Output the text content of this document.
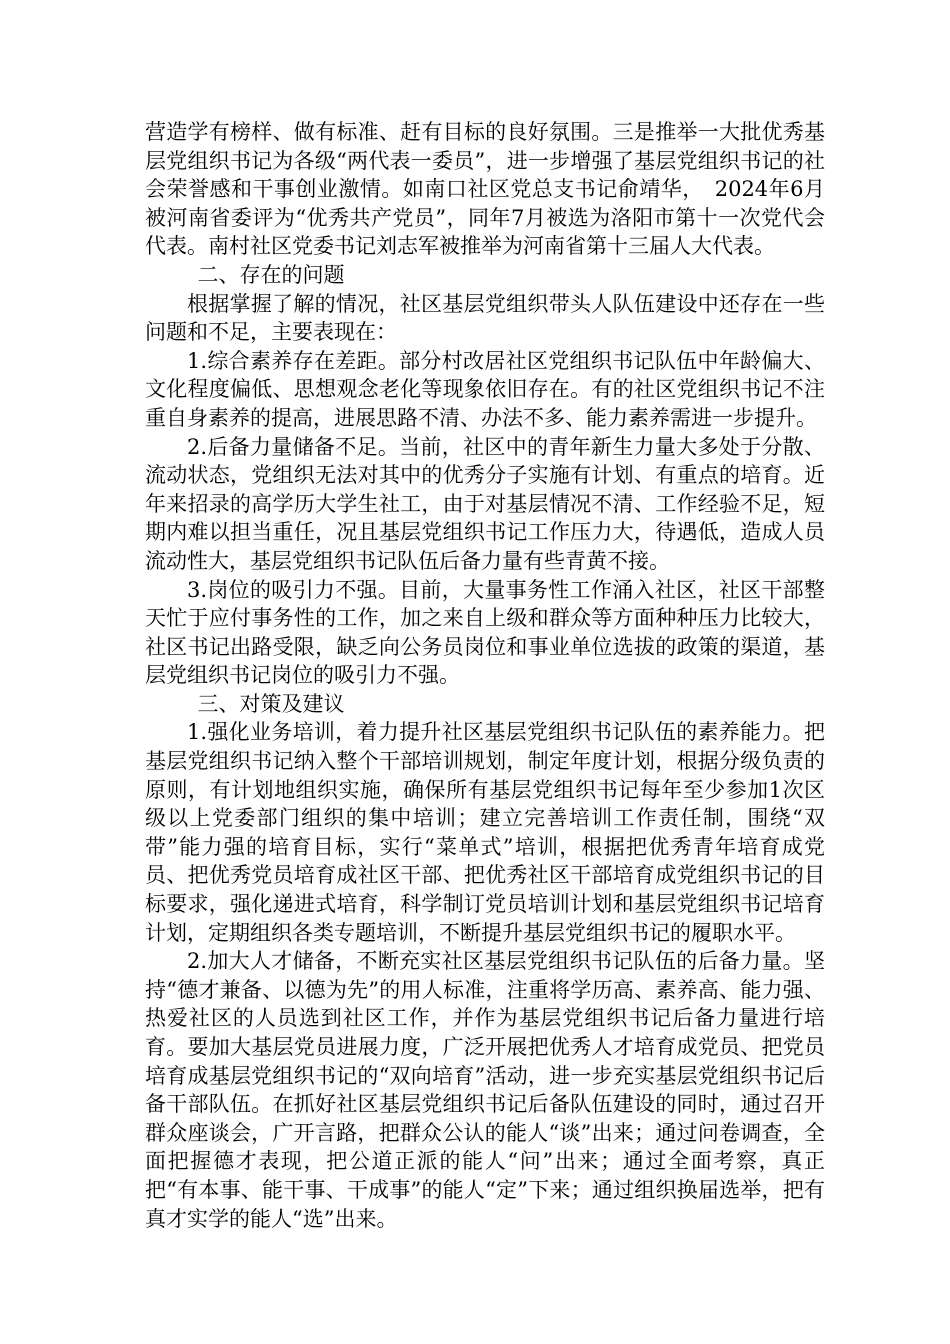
营造学有榜样、做有标准、赶有目标的良好氛围。三是推举一大批优秀基层党组织书记为各级“两代表一委员”，进一步增强了基层党组织书记的社会荣誉感和干事创业激情。如南口社区党总支书记俞靖华，　2024年6月被河南省委评为“优秀共产党员”，同年7月被选为洛阳市第十一次党代会代表。南村社区党委书记刘志军被推举为河南省第十三届人大代表。

二、存在的问题

根据掌握了解的情况，社区基层党组织带头人队伍建设中还存在一些问题和不足，主要表现在：

1.综合素养存在差距。部分村改居社区党组织书记队伍中年龄偏大、文化程度偏低、思想观念老化等现象依旧存在。有的社区党组织书记不注重自身素养的提高，进展思路不清、办法不多、能力素养需进一步提升。

2.后备力量储备不足。当前，社区中的青年新生力量大多处于分散、流动状态，党组织无法对其中的优秀分子实施有计划、有重点的培育。近年来招录的高学历大学生社工，由于对基层情况不清、工作经验不足，短期内难以担当重任，况且基层党组织书记工作压力大，待遇低，造成人员流动性大，基层党组织书记队伍后备力量有些青黄不接。

3.岗位的吸引力不强。目前，大量事务性工作涌入社区，社区干部整天忙于应付事务性的工作，加之来自上级和群众等方面种种压力比较大，社区书记出路受限，缺乏向公务员岗位和事业单位选拔的政策的渠道，基层党组织书记岗位的吸引力不强。

三、对策及建议

1.强化业务培训，着力提升社区基层党组织书记队伍的素养能力。把基层党组织书记纳入整个干部培训规划，制定年度计划，根据分级负责的原则，有计划地组织实施，确保所有基层党组织书记每年至少参加1次区级以上党委部门组织的集中培训；建立完善培训工作责任制，围绕“双带”能力强的培育目标，实行“菜单式”培训，根据把优秀青年培育成党员、把优秀党员培育成社区干部、把优秀社区干部培育成党组织书记的目标要求，强化递进式培育，科学制订党员培训计划和基层党组织书记培育计划，定期组织各类专题培训，不断提升基层党组织书记的履职水平。

2.加大人才储备，不断充实社区基层党组织书记队伍的后备力量。坚持“德才兼备、以德为先”的用人标准，注重将学历高、素养高、能力强、热爱社区的人员选到社区工作，并作为基层党组织书记后备力量进行培育。要加大基层党员进展力度，广泛开展把优秀人才培育成党员、把党员培育成基层党组织书记的“双向培育”活动，进一步充实基层党组织书记后备干部队伍。在抓好社区基层党组织书记后备队伍建设的同时，通过召开群众座谈会，广开言路，把群众公认的能人“谈”出来；通过问卷调查，全面把握德才表现，把公道正派的能人“问”出来；通过全面考察，真正把“有本事、能干事、干成事”的能人“定”下来；通过组织换届选举，把有真才实学的能人“选”出来。
